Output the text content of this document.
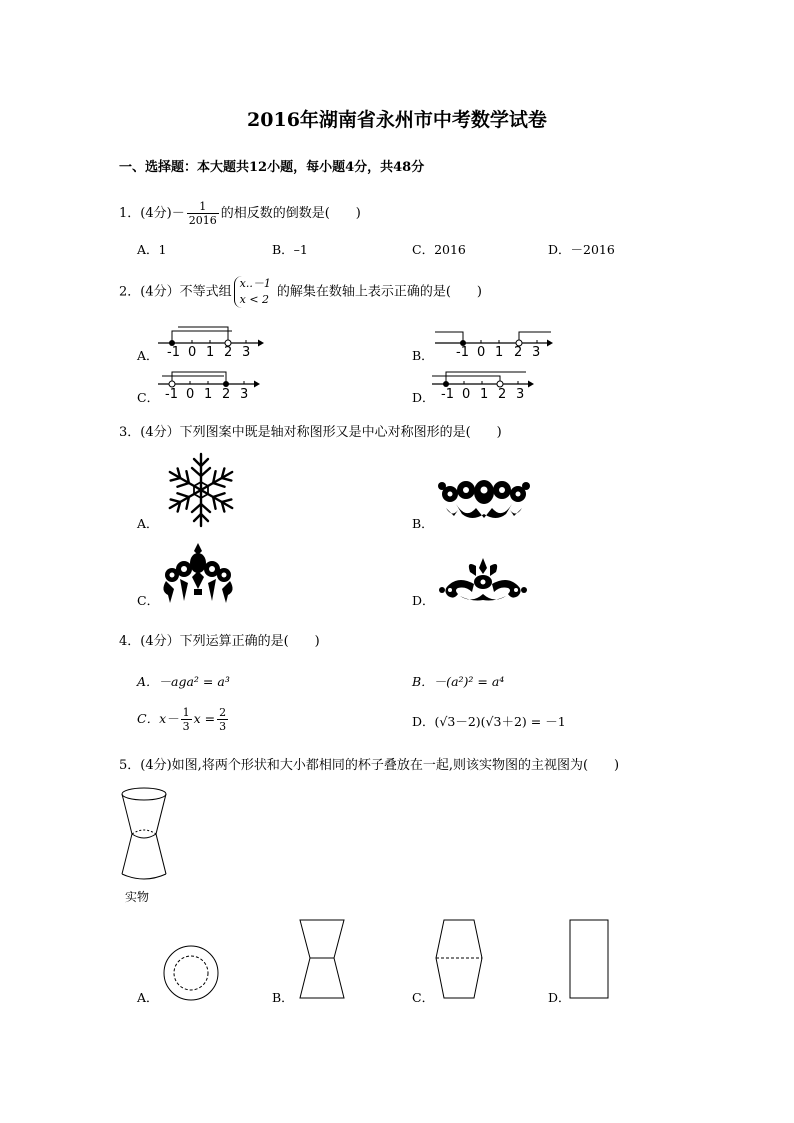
2016年湖南省永州市中考数学试卷
一、选择题：本大题共12小题，每小题4分，共48分
1．(4分)－ $\frac{1}{2016}$ 的相反数的倒数是(　　)
A．1	B．–1	C．2016	D．－2016
2．(4分）不等式组
x..－1
x < 2 的解集在数轴上表示正确的是(　　)
A． -1 0 1 2 3	B． -1 0 1 2 3
C． -1 0 1 2 3	D． -1 0 1 2 3
3．(4分）下列图案中既是轴对称图形又是中心对称图形的是(　　)
A．	B．
C．	D．
4．(4分）下列运算正确的是(　　)
A．－aga² = a³	B．－(a²)² = a⁴
C．$x- \frac{1}{3}$ $x = \frac{2}{3}$	D．(√3－2)(√3＋2) = －1
5．(4分)如图,将两个形状和大小都相同的杯子叠放在一起,则该实物图的主视图为(　　)
实物
A．	B．	C．	D．
